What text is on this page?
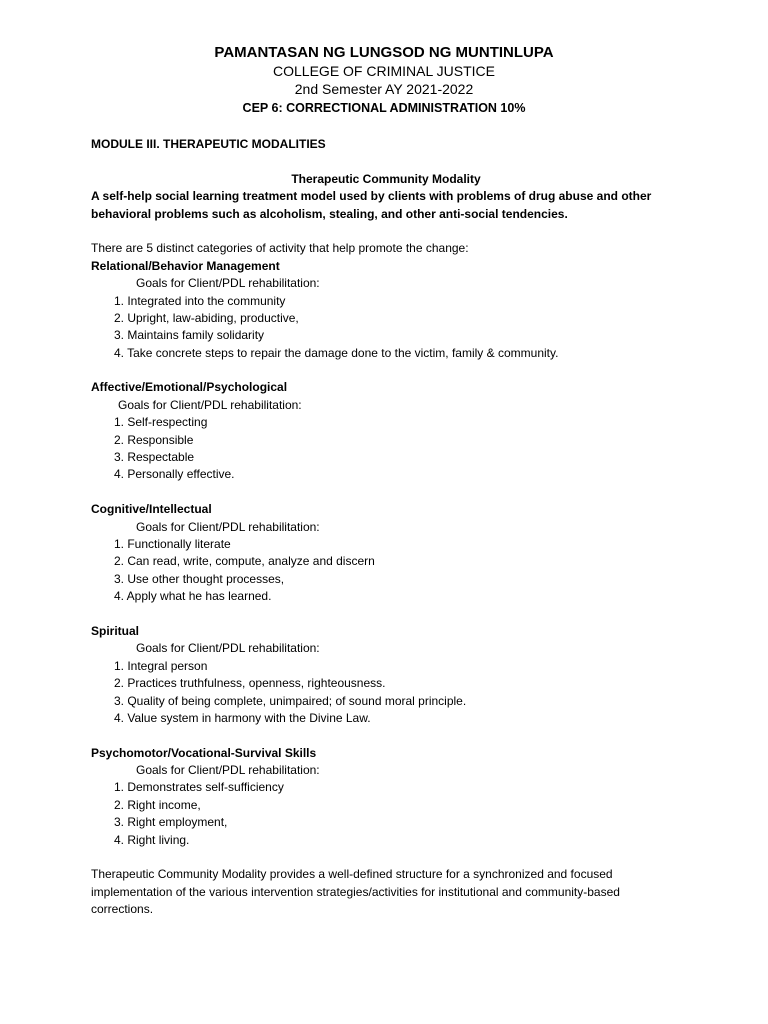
PAMANTASAN NG LUNGSOD NG MUNTINLUPA
COLLEGE OF CRIMINAL JUSTICE
2nd Semester AY 2021-2022
CEP 6: CORRECTIONAL ADMINISTRATION 10%
MODULE III. THERAPEUTIC MODALITIES
Therapeutic Community Modality
A self-help social learning treatment model used by clients with problems of drug abuse and other
behavioral problems such as alcoholism, stealing, and other anti-social tendencies.
There are 5 distinct categories of activity that help promote the change:
Relational/Behavior Management
Goals for Client/PDL rehabilitation:
1. Integrated into the community
2. Upright, law-abiding, productive,
3. Maintains family solidarity
4. Take concrete steps to repair the damage done to the victim, family & community.
Affective/Emotional/Psychological
Goals for Client/PDL rehabilitation:
1. Self-respecting
2. Responsible
3. Respectable
4. Personally effective.
Cognitive/Intellectual
Goals for Client/PDL rehabilitation:
1. Functionally literate
2. Can read, write, compute, analyze and discern
3. Use other thought processes,
4. Apply what he has learned.
Spiritual
Goals for Client/PDL rehabilitation:
1. Integral person
2. Practices truthfulness, openness, righteousness.
3. Quality of being complete, unimpaired; of sound moral principle.
4. Value system in harmony with the Divine Law.
Psychomotor/Vocational-Survival Skills
Goals for Client/PDL rehabilitation:
1. Demonstrates self-sufficiency
2. Right income,
3. Right employment,
4. Right living.
Therapeutic Community Modality provides a well-defined structure for a synchronized and focused
implementation of the various intervention strategies/activities for institutional and community-based
corrections.
